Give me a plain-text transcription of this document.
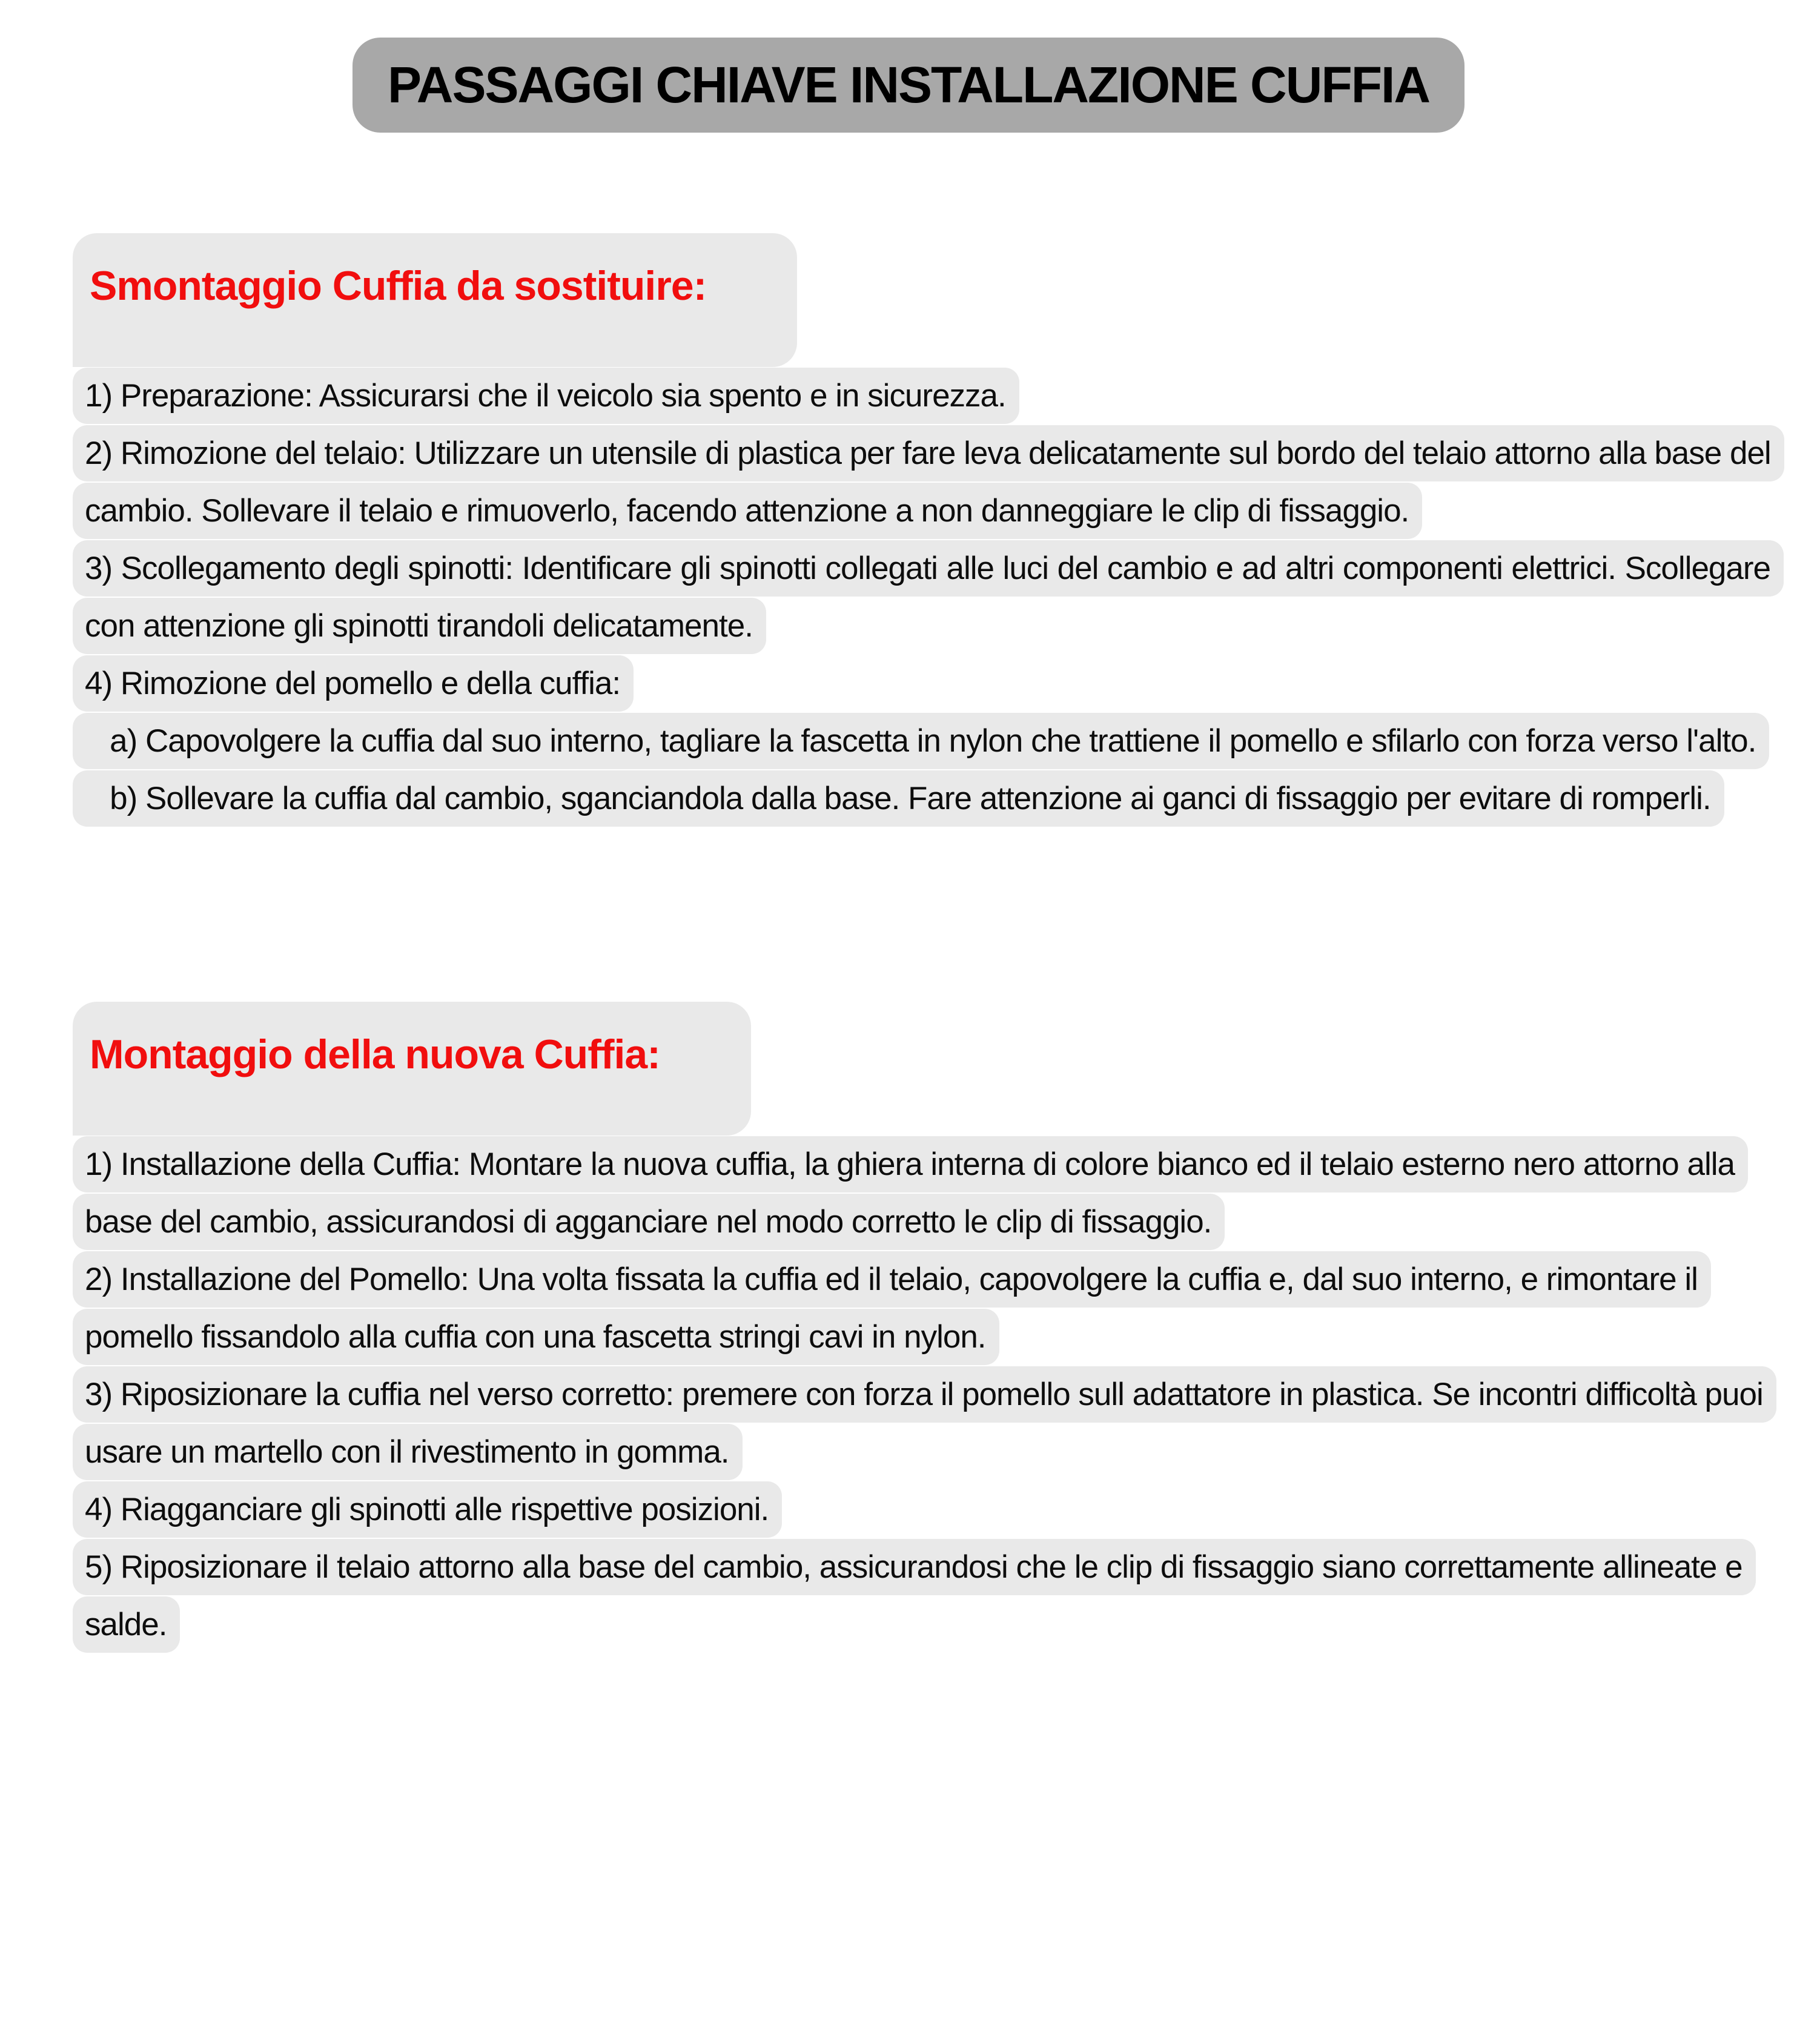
PASSAGGI CHIAVE INSTALLAZIONE CUFFIA
Smontaggio Cuffia da sostituire:

1) Preparazione: Assicurarsi che il veicolo sia spento e in sicurezza.

2) Rimozione del telaio: Utilizzare un utensile di plastica per fare leva delicatamente sul bordo del telaio attorno alla base del cambio. Sollevare il telaio e rimuoverlo, facendo attenzione a non danneggiare le clip di fissaggio.

3) Scollegamento degli spinotti: Identificare gli spinotti collegati alle luci del cambio e ad altri componenti elettrici. Scollegare con attenzione gli spinotti tirandoli delicatamente.

4) Rimozione del pomello e della cuffia:

a) Capovolgere la cuffia dal suo interno, tagliare la fascetta in nylon che trattiene il pomello e sfilarlo con forza verso l'alto.

b) Sollevare la cuffia dal cambio, sganciandola dalla base. Fare attenzione ai ganci di fissaggio per evitare di romperli.

Montaggio della nuova Cuffia:

1) Installazione della Cuffia: Montare la nuova cuffia, la ghiera interna di colore bianco ed il telaio esterno nero attorno alla base del cambio, assicurandosi di agganciare nel modo corretto le clip di fissaggio.

2) Installazione del Pomello: Una volta fissata la cuffia ed il telaio, capovolgere la cuffia e, dal suo interno, e rimontare il pomello fissandolo alla cuffia con una fascetta stringi cavi in nylon.

3) Riposizionare la cuffia nel verso corretto: premere con forza il pomello sull adattatore in plastica. Se incontri difficoltà puoi usare un martello con il rivestimento in gomma.

4) Riagganciare gli spinotti alle rispettive posizioni.

5) Riposizionare il telaio attorno alla base del cambio, assicurandosi che le clip di fissaggio siano correttamente allineate e salde.
